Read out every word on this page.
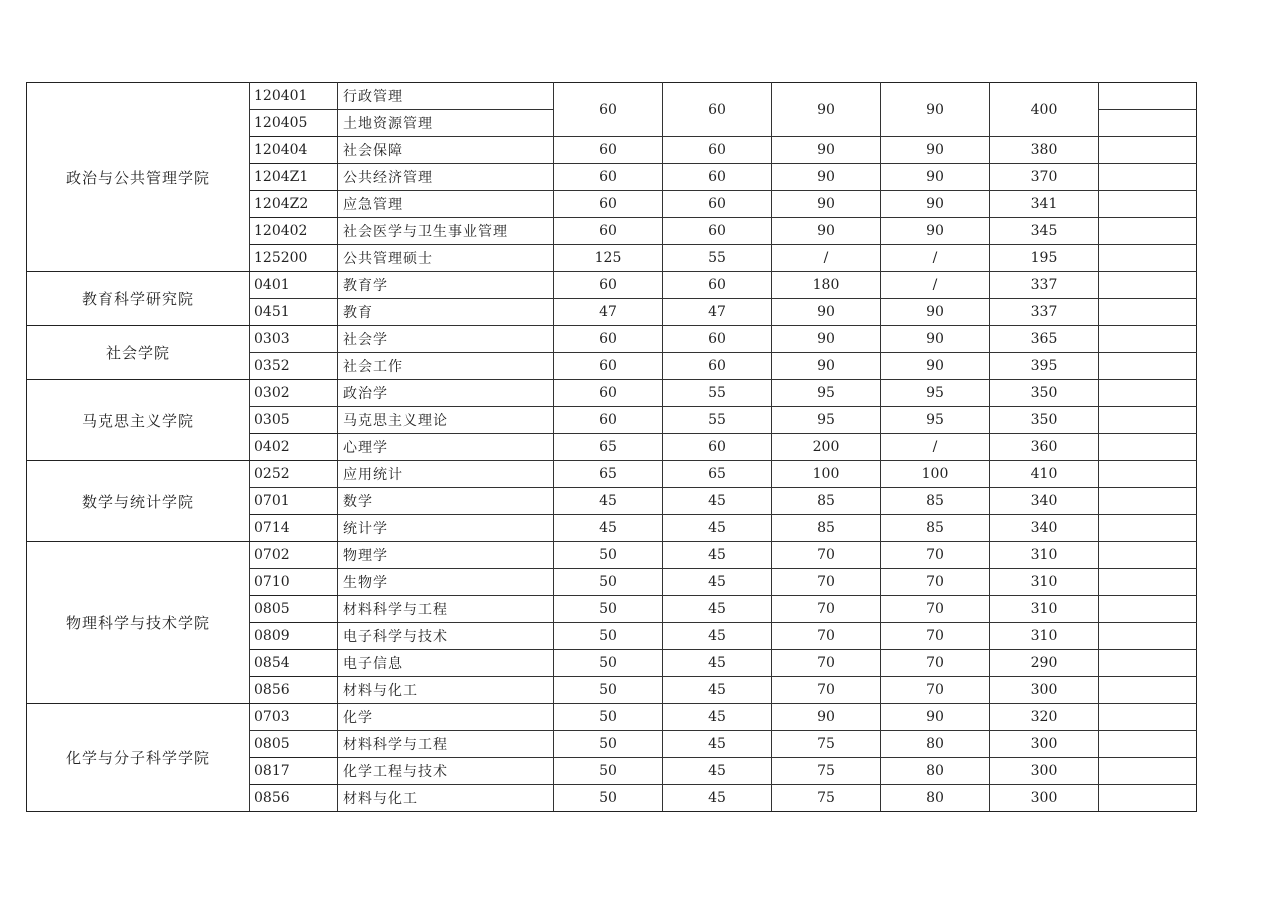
政治与公共管理学院	120401	行政管理	60	60	90	90	400	
	120405	土地资源管理						
	120404	社会保障	60	60	90	90	380	
	1204Z1	公共经济管理	60	60	90	90	370	
	1204Z2	应急管理	60	60	90	90	341	
	120402	社会医学与卫生事业管理	60	60	90	90	345	
	125200	公共管理硕士	125	55	/	/	195	
教育科学研究院	0401	教育学	60	60	180	/	337	
	0451	教育	47	47	90	90	337	
社会学院	0303	社会学	60	60	90	90	365	
	0352	社会工作	60	60	90	90	395	
马克思主义学院	0302	政治学	60	55	95	95	350	
	0305	马克思主义理论	60	55	95	95	350	
	0402	心理学	65	60	200	/	360	
数学与统计学院	0252	应用统计	65	65	100	100	410	
	0701	数学	45	45	85	85	340	
	0714	统计学	45	45	85	85	340	
物理科学与技术学院	0702	物理学	50	45	70	70	310	
	0710	生物学	50	45	70	70	310	
	0805	材料科学与工程	50	45	70	70	310	
	0809	电子科学与技术	50	45	70	70	310	
	0854	电子信息	50	45	70	70	290	
	0856	材料与化工	50	45	70	70	300	
化学与分子科学学院	0703	化学	50	45	90	90	320	
	0805	材料科学与工程	50	45	75	80	300	
	0817	化学工程与技术	50	45	75	80	300	
	0856	材料与化工	50	45	75	80	300	
